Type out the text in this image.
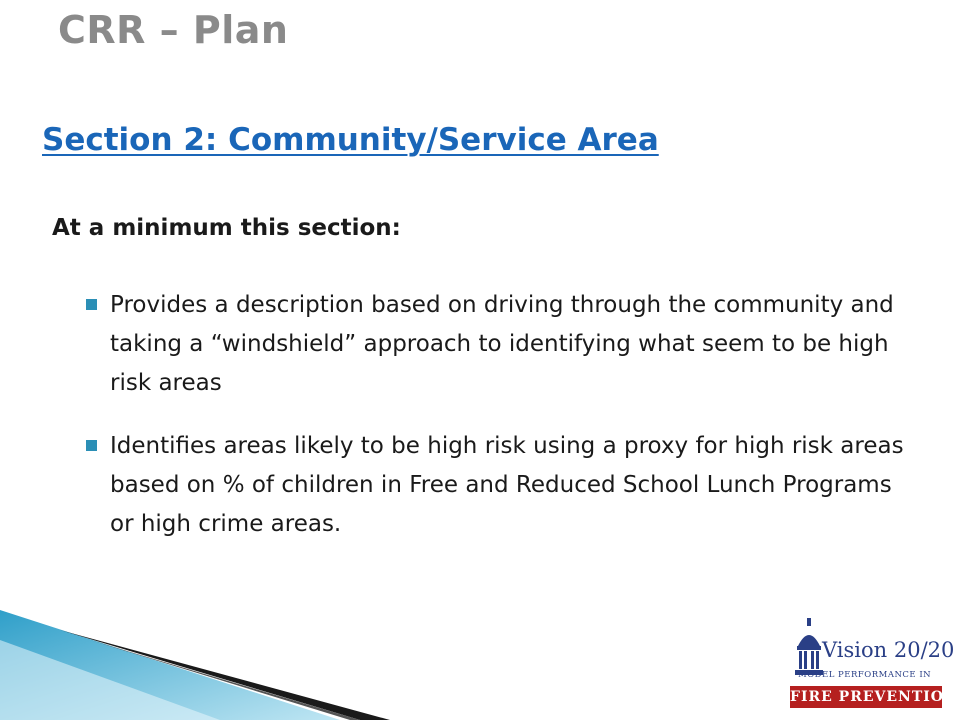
CRR – Plan
Section 2: Community/Service Area
At a minimum this section:
Provides a description based on driving through the community and taking a “windshield” approach to identifying what seem to be high risk areas
Identifies areas likely to be high risk using a proxy for high risk areas based on % of children in Free and Reduced School Lunch Programs or high crime areas.
Vision 20/20
MODEL PERFORMANCE IN
FIRE PREVENTION
